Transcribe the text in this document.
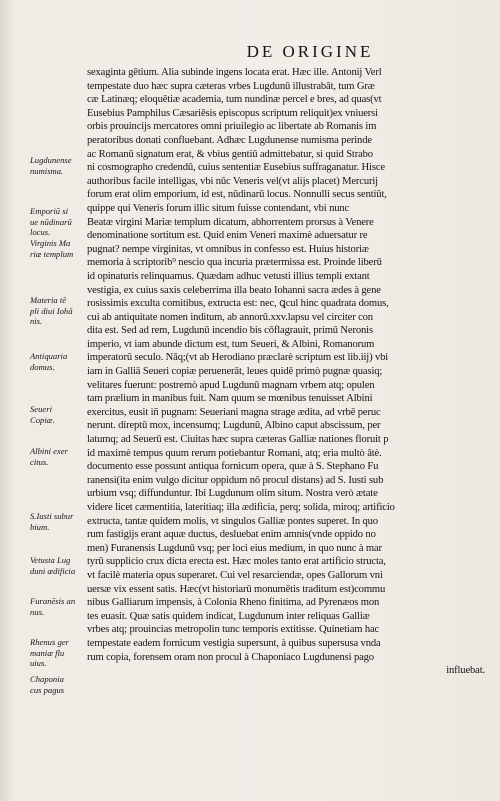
DE ORIGINE
sexaginta gētium. Alia subinde ingens locata erat. Hæc ille. Antonij Verl
tempestate duo hæc supra cæteras vrbes Lugdunū illustrabāt, tum Græ
cæ Latinæq; eloquētiæ academia, tum nundinæ percel e bres, ad quas(vt
Eusebius Pamphilus Cæsariēsis episcopus scriptum reliquit)ex vniuersi
orbis prouincijs mercatores omni priuilegio ac libertate ab Romanis im
peratoribus donati confluebant. Adhæc Lugdunense numisma perinde
ac Romanū signatum erat, & vbius gentiū admittebatur, si quid Strabo
ni cosmographo credendū, cuius sententiæ Eusebius suffraganatur. Hisce
authoribus facile intelligas, vbi nūc Veneris vel(vt alijs placet) Mercurij
forum erat olim emporium, id est, nūdinarū locus. Nonnulli secus sentiūt,
quippe qui Veneris forum illic situm fuisse contendant, vbi nunc
Beatæ virgini Mariæ templum dicatum, abhorrentem prorsus à Venere
denominatione sortitum est. Quid enim Veneri maximè aduersatur re
pugnat? nempe virginitas, vt omnibus in confesso est. Huius historiæ
memoria à scriptorib⁹ nescio qua incuria prætermissa est. Proinde liberū
id opinaturis relinquamus. Quædam adhuc vetusti illius templi extant
vestigia, ex cuius saxis celeberrima illa beato Iohanni sacra ædes à gene
rosissimis exculta comitibus, extructa est: nec, ꝗcul hinc quadrata domus,
cui ab antiquitate nomen inditum, ab annorū.xxv.lapsu vel circiter con
dita est. Sed ad rem, Lugdunū incendio bis cōflagrauit, primū Neronis
imperio, vt iam abunde dictum est, tum Seueri, & Albini, Romanorum
imperatorū seculo. Nāq;(vt ab Herodiano præclarè scriptum est lib.iij) vbi
iam in Galliā Seueri copiæ peruenerāt, leues quidē primò pugnæ quasiq;
velitares fuerunt: postremò apud Lugdunū magnam vrbem atq; opulen
tam prælium in manibus fuit. Nam quum se mœnibus tenuisset Albini
exercitus, eusit iñ pugnam: Seueriani magna strage ædita, ad vrbē peruc
nerunt. direptū mox, incensumq; Lugdunū, Albino caput abscissum, per
latumq; ad Seuerū est. Ciuitas hæc supra cæteras Galliæ nationes floruit p
id maximè tempus quum rerum potiebantur Romani, atq; eria multò ātè.
documento esse possunt antiqua fornicum opera, quæ à S. Stephano Fu
ranensi(ita enim vulgo dicitur oppidum nō procul distans) ad S. Iusti sub
urbium vsq; diffunduntur. Ibi Lugdunum olim situm. Nostra verò ætate
videre licet cæmentitia, lateritiaq; illa ædificia, perq; solida, miroq; artificio
extructa, tantæ quidem molis, vt singulos Galliæ pontes superet. In quo
rum fastigijs erant aquæ ductus, desluebat enim amnis(vnde oppido no
men) Furanensis Lugdunū vsq; per loci eius medium, in quo nunc à mar
tyrū supplicio crux dicta erecta est. Hæc moles tanto erat artificio structa,
vt facilè materia opus superaret. Cui vel resarciendæ, opes Gallorum vni
uersæ vix essent satis. Hæc(vt historiarū monumētis traditum est)commu
nibus Galliarum impensis, à Colonia Rheno finitima, ad Pyrenæos mon
tes euasit. Quæ satis quidem indicat, Lugdunum inter reliquas Galliæ
vrbes atq; prouincias metropolin tunc temporis extitisse. Quinetiam hac
tempestate eadem fornicum vestigia supersunt, à quibus supersusa vnda
rum copia, forensem oram non procul à Chaponiaco Lugdunensi pago
influebat.
Lugdunense
numisma.
Emporiū si
ue nūdinarū
locus.
Virginis Ma
riæ templum
Materia tē
pli diui Iohā
nis.
Antiquaria
domus.
Seueri
Copiæ.
Albini exer
citus.
S.Iusti subur
bium.
Vetusta Lug
duni ædificia
Furanēsis an
nus.
Rhenus ger
maniæ flu
uius.
Chaponia
cus pagus
